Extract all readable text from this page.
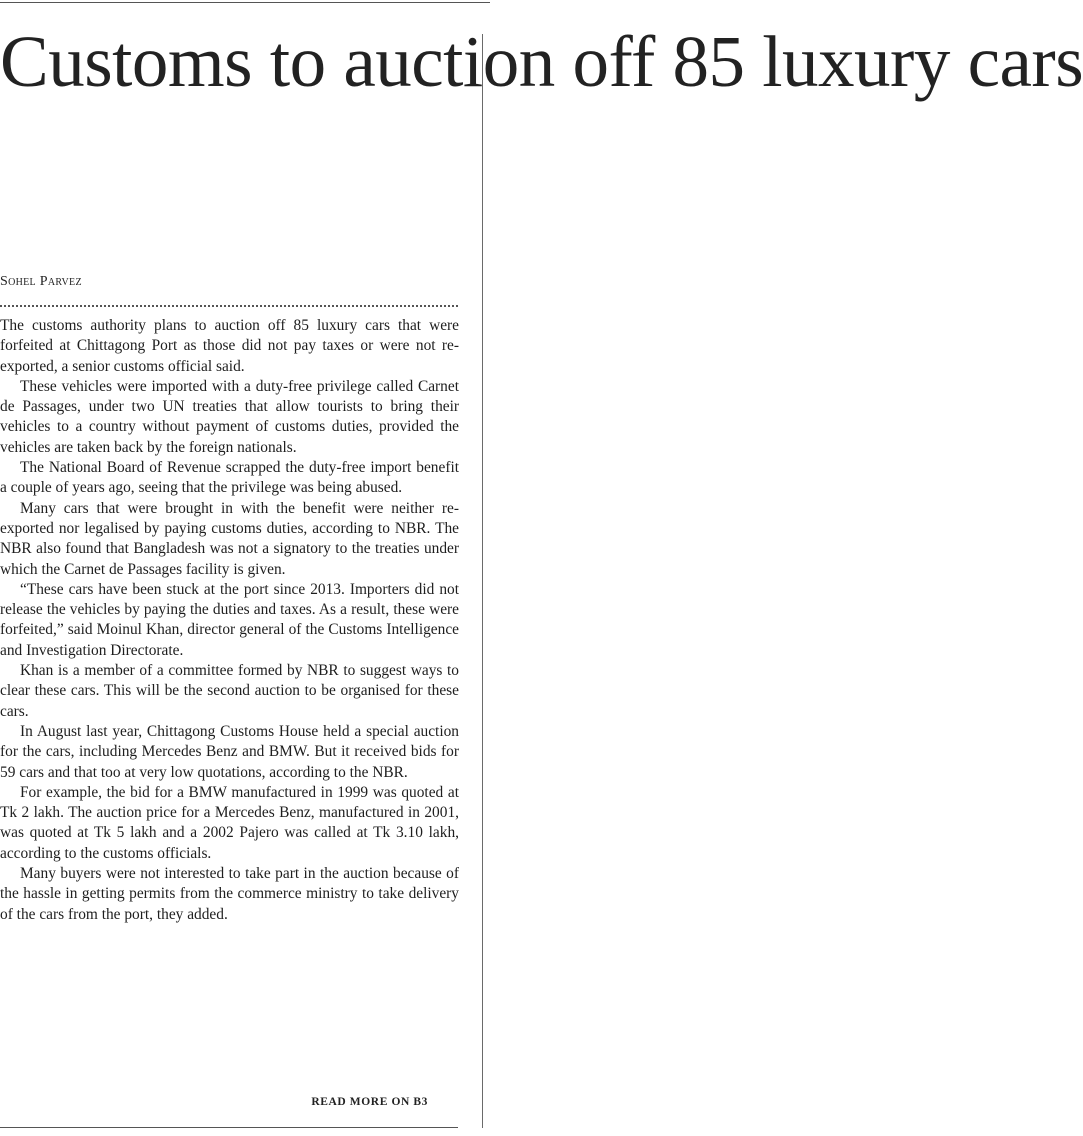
Customs to auction off 85 luxury cars
Sohel Parvez

The customs authority plans to auction off 85 luxury cars that were forfeited at Chittagong Port as those did not pay taxes or were not re-exported, a senior customs official said.

These vehicles were imported with a duty-free privilege called Carnet de Passages, under two UN treaties that allow tourists to bring their vehicles to a country without payment of customs duties, provided the vehicles are taken back by the foreign nationals.

The National Board of Revenue scrapped the duty-free import benefit a couple of years ago, seeing that the privilege was being abused.

Many cars that were brought in with the benefit were neither re-exported nor legalised by paying customs duties, according to NBR. The NBR also found that Bangladesh was not a signatory to the treaties under which the Carnet de Passages facility is given.

“These cars have been stuck at the port since 2013. Importers did not release the vehicles by paying the duties and taxes. As a result, these were forfeited,” said Moinul Khan, director general of the Customs Intelligence and Investigation Directorate.

Khan is a member of a committee formed by NBR to suggest ways to clear these cars. This will be the second auction to be organised for these cars.

In August last year, Chittagong Customs House held a special auction for the cars, including Mercedes Benz and BMW. But it received bids for 59 cars and that too at very low quotations, according to the NBR.

For example, the bid for a BMW manufactured in 1999 was quoted at Tk 2 lakh. The auction price for a Mercedes Benz, manufactured in 2001, was quoted at Tk 5 lakh and a 2002 Pajero was called at Tk 3.10 lakh, according to the customs officials.

Many buyers were not interested to take part in the auction because of the hassle in getting permits from the commerce ministry to take delivery of the cars from the port, they added.

READ MORE ON B3
